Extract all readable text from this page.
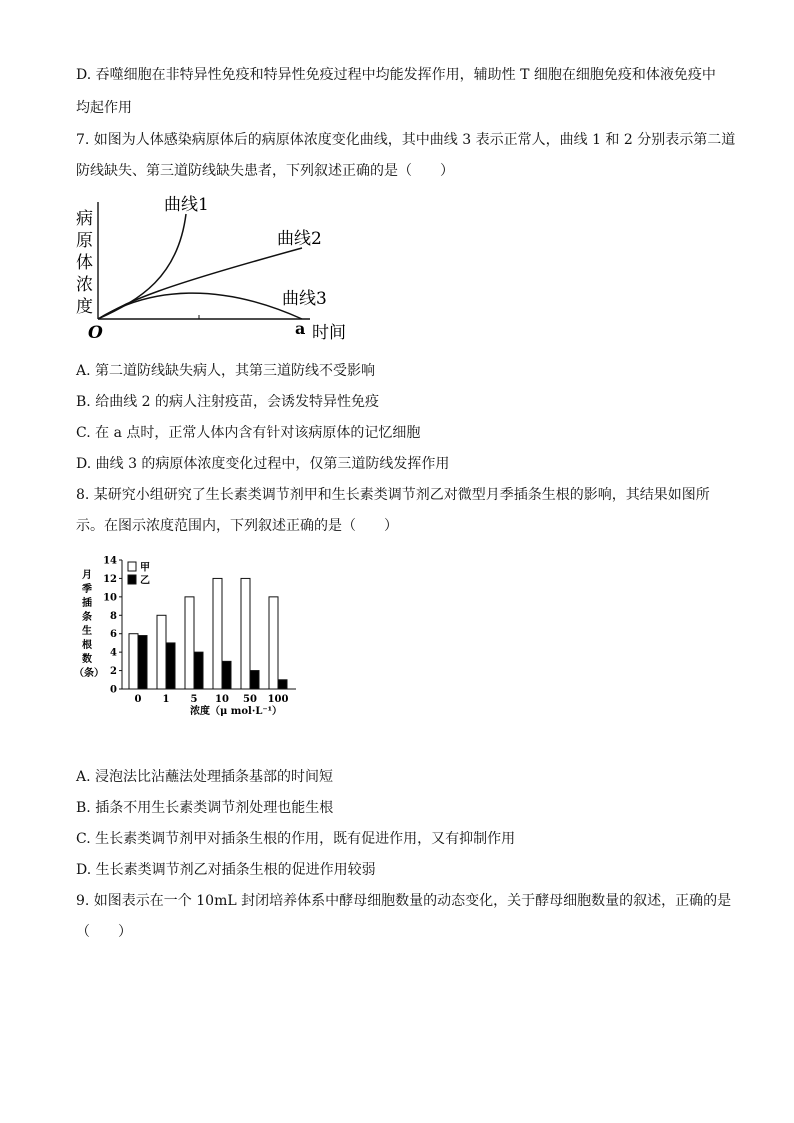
D. 吞噬细胞在非特异性免疫和特异性免疫过程中均能发挥作用，辅助性 T 细胞在细胞免疫和体液免疫中
均起作用
7. 如图为人体感染病原体后的病原体浓度变化曲线，其中曲线 3 表示正常人，曲线 1 和 2 分别表示第二道
防线缺失、第三道防线缺失患者，下列叙述正确的是（　　）
病
原
体
浓
度
O	a 时间
曲线1
曲线2
曲线3
A. 第二道防线缺失病人，其第三道防线不受影响
B. 给曲线 2 的病人注射疫苗，会诱发特异性免疫
C. 在 a 点时，正常人体内含有针对该病原体的记忆细胞
D. 曲线 3 的病原体浓度变化过程中，仅第三道防线发挥作用
8. 某研究小组研究了生长素类调节剂甲和生长素类调节剂乙对微型月季插条生根的影响，其结果如图所
示。在图示浓度范围内，下列叙述正确的是（　　）
月
季
插
条
生
根
数
（条）
0
2
4
6
8
10
12
14
0 1 5 10 50 100
甲
乙
浓度（μ mol·L⁻¹）
A. 浸泡法比沾蘸法处理插条基部的时间短
B. 插条不用生长素类调节剂处理也能生根
C. 生长素类调节剂甲对插条生根的作用，既有促进作用，又有抑制作用
D. 生长素类调节剂乙对插条生根的促进作用较弱
9. 如图表示在一个 10mL 封闭培养体系中酵母细胞数量的动态变化，关于酵母细胞数量的叙述，正确的是
（　　）
